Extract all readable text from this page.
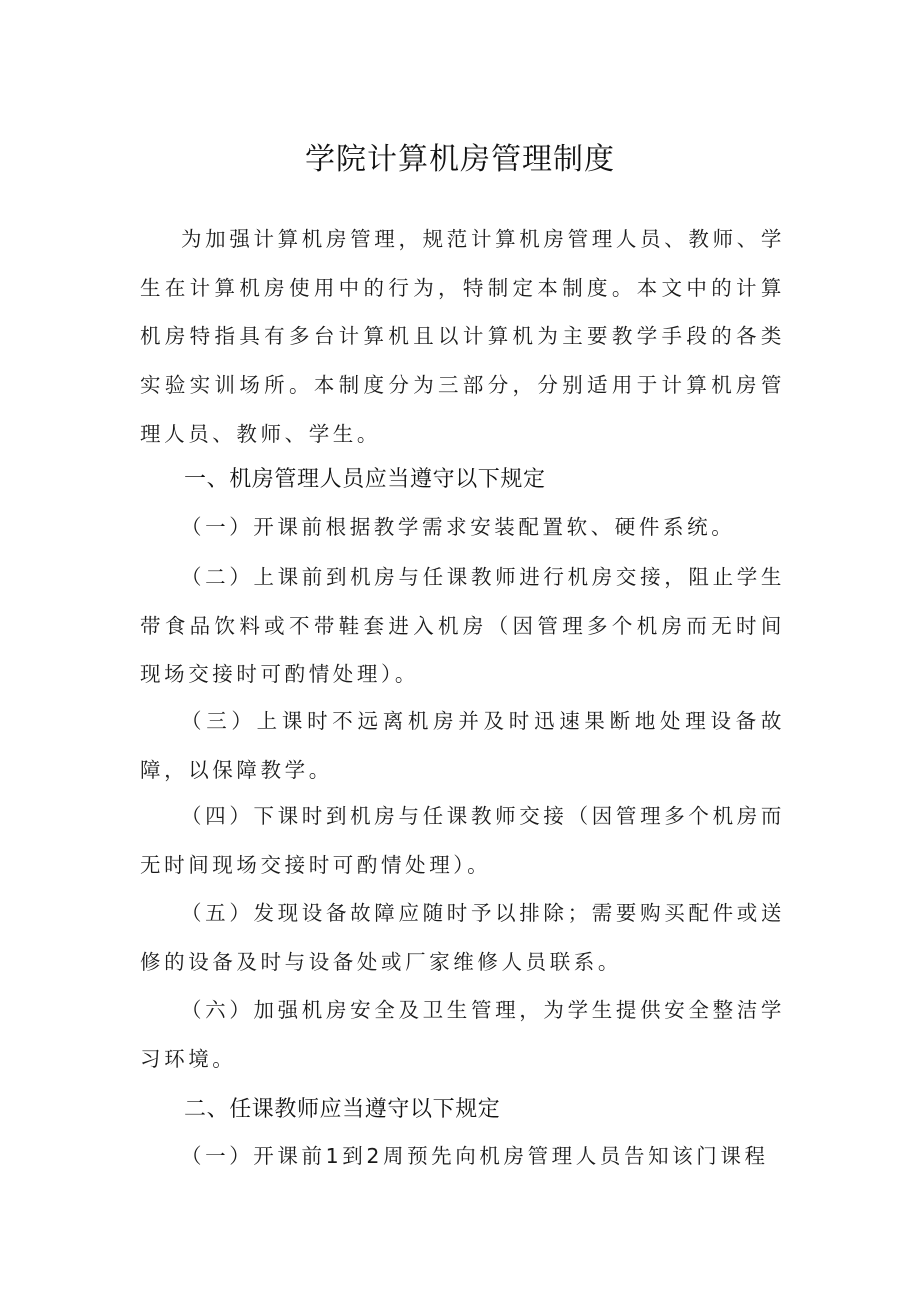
学院计算机房管理制度
为加强计算机房管理，规范计算机房管理人员、教师、学生在计算机房使用中的行为，特制定本制度。本文中的计算机房特指具有多台计算机且以计算机为主要教学手段的各类实验实训场所。本制度分为三部分，分别适用于计算机房管理人员、教师、学生。
一、机房管理人员应当遵守以下规定
（一）开课前根据教学需求安装配置软、硬件系统。
（二）上课前到机房与任课教师进行机房交接，阻止学生带食品饮料或不带鞋套进入机房（因管理多个机房而无时间现场交接时可酌情处理）。
（三）上课时不远离机房并及时迅速果断地处理设备故障，以保障教学。
（四）下课时到机房与任课教师交接（因管理多个机房而无时间现场交接时可酌情处理）。
（五）发现设备故障应随时予以排除；需要购买配件或送修的设备及时与设备处或厂家维修人员联系。
（六）加强机房安全及卫生管理，为学生提供安全整洁学习环境。
二、任课教师应当遵守以下规定
（一）开课前1到2周预先向机房管理人员告知该门课程
